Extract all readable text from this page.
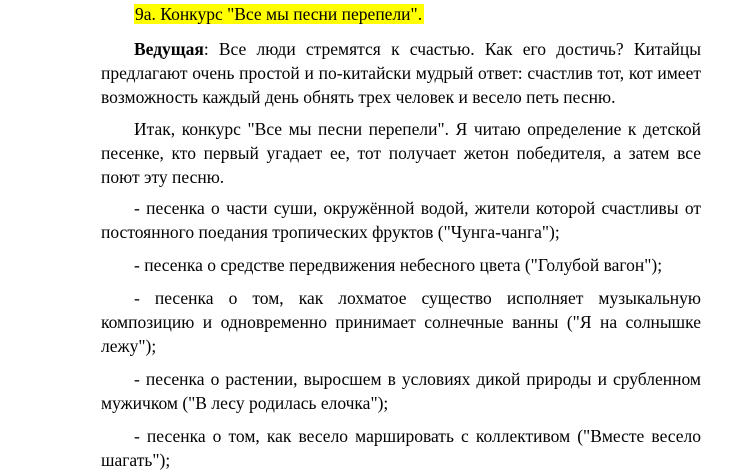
9а. Конкурс "Все мы песни перепели".

Ведущая: Все люди стремятся к счастью. Как его достичь? Китайцы предлагают очень простой и по-китайски мудрый ответ: счастлив тот, кот имеет возможность каждый день обнять трех человек и весело петь песню.

Итак, конкурс "Все мы песни перепели". Я читаю определение к детской песенке, кто первый угадает ее, тот получает жетон победителя, а затем все поют эту песню.

- песенка о части суши, окружённой водой, жители которой счастливы от постоянного поедания тропических фруктов ("Чунга-чанга");

- песенка о средстве передвижения небесного цвета ("Голубой вагон");

- песенка о том, как лохматое существо исполняет музыкальную композицию и одновременно принимает солнечные ванны ("Я на солнышке лежу");

- песенка о растении, выросшем в условиях дикой природы и срубленном мужичком ("В лесу родилась елочка");

- песенка о том, как весело маршировать с коллективом ("Вместе весело шагать");
